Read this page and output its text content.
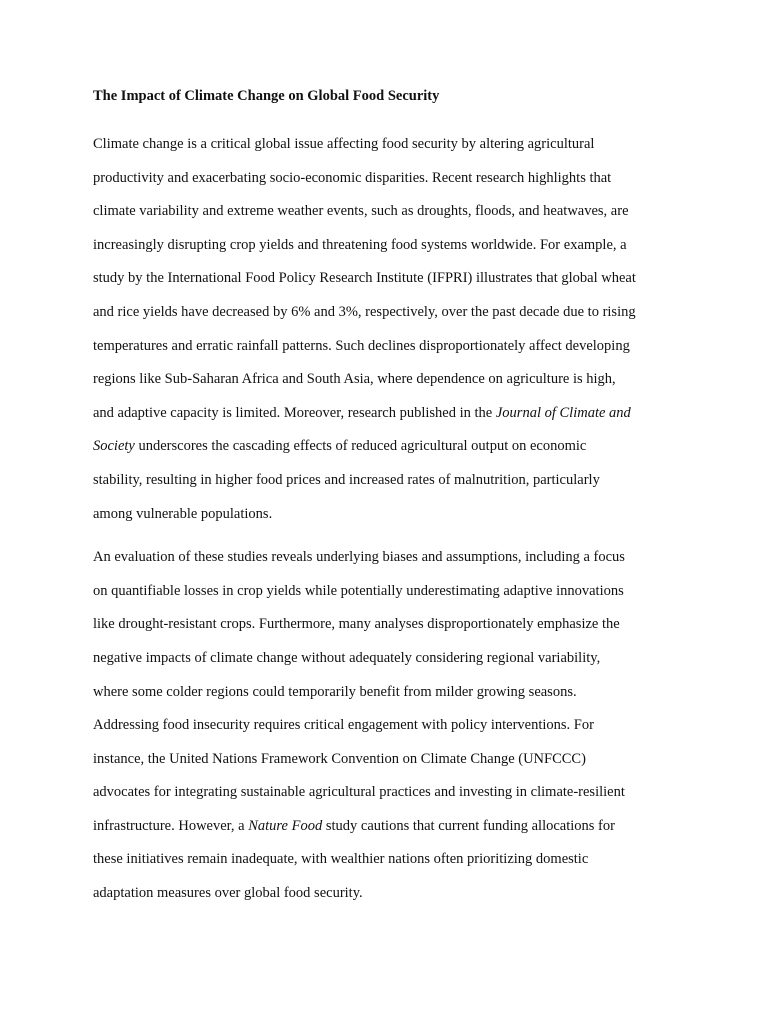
The Impact of Climate Change on Global Food Security
Climate change is a critical global issue affecting food security by altering agricultural
productivity and exacerbating socio-economic disparities. Recent research highlights that
climate variability and extreme weather events, such as droughts, floods, and heatwaves, are
increasingly disrupting crop yields and threatening food systems worldwide. For example, a
study by the International Food Policy Research Institute (IFPRI) illustrates that global wheat
and rice yields have decreased by 6% and 3%, respectively, over the past decade due to rising
temperatures and erratic rainfall patterns. Such declines disproportionately affect developing
regions like Sub-Saharan Africa and South Asia, where dependence on agriculture is high,
and adaptive capacity is limited. Moreover, research published in the Journal of Climate and
Society underscores the cascading effects of reduced agricultural output on economic
stability, resulting in higher food prices and increased rates of malnutrition, particularly
among vulnerable populations.
An evaluation of these studies reveals underlying biases and assumptions, including a focus
on quantifiable losses in crop yields while potentially underestimating adaptive innovations
like drought-resistant crops. Furthermore, many analyses disproportionately emphasize the
negative impacts of climate change without adequately considering regional variability,
where some colder regions could temporarily benefit from milder growing seasons.
Addressing food insecurity requires critical engagement with policy interventions. For
instance, the United Nations Framework Convention on Climate Change (UNFCCC)
advocates for integrating sustainable agricultural practices and investing in climate-resilient
infrastructure. However, a Nature Food study cautions that current funding allocations for
these initiatives remain inadequate, with wealthier nations often prioritizing domestic
adaptation measures over global food security.
